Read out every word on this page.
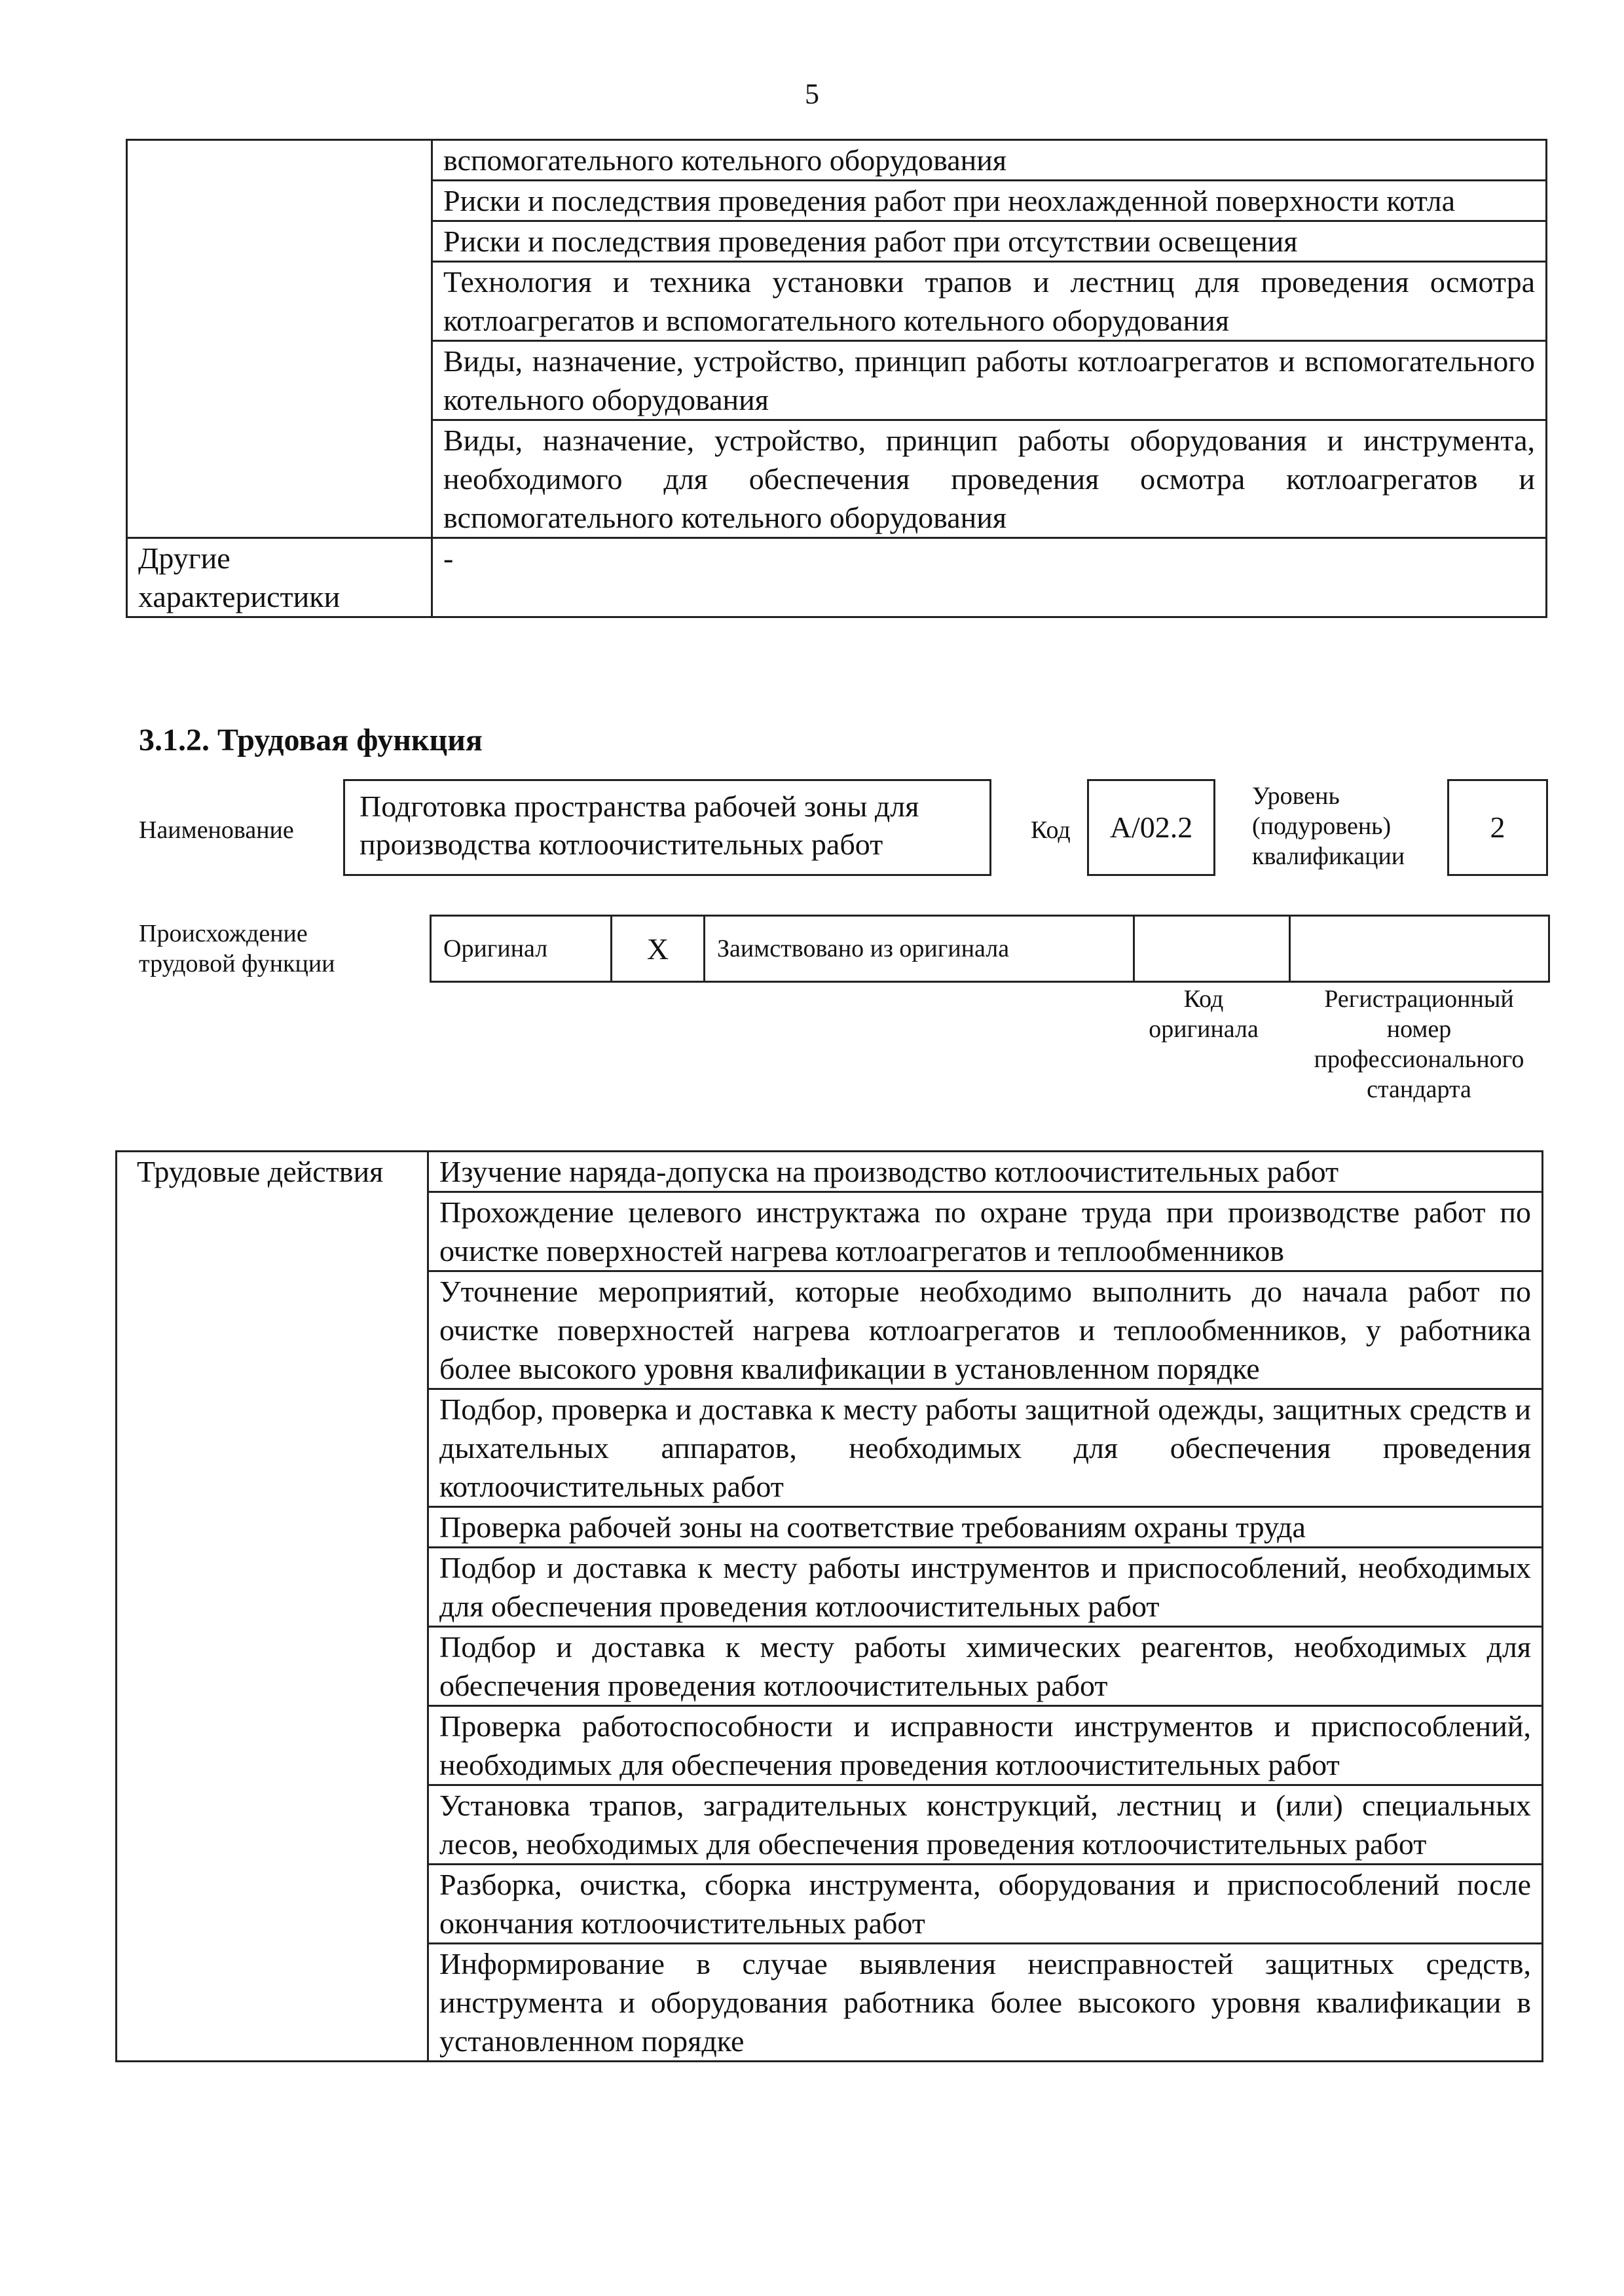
5
	вспомогательного котельного оборудования
	Риски и последствия проведения работ при неохлажденной поверхности котла
	Риски и последствия проведения работ при отсутствии освещения
	Технология и техника установки трапов и лестниц для проведения осмотра котлоагрегатов и вспомогательного котельного оборудования
	Виды, назначение, устройство, принцип работы котлоагрегатов и вспомогательного котельного оборудования
	Виды, назначение, устройство, принцип работы оборудования и инструмента, необходимого для обеспечения проведения осмотра котлоагрегатов и вспомогательного котельного оборудования
Другие характеристики	-
3.1.2. Трудовая функция
Наименование
Подготовка пространства рабочей зоны для производства котлоочистительных работ	Код	A/02.2
Уровень (подуровень) квалификации
2
Происхождение трудовой функции
Оригинал	X	Заимствовано из оригинала		
Код оригинала
Регистрационный номер профессионального стандарта
Трудовые действия	Изучение наряда-допуска на производство котлоочистительных работ
Прохождение целевого инструктажа по охране труда при производстве работ по очистке поверхностей нагрева котлоагрегатов и теплообменников
Уточнение мероприятий, которые необходимо выполнить до начала работ по очистке поверхностей нагрева котлоагрегатов и теплообменников, у работника более высокого уровня квалификации в установленном порядке
Подбор, проверка и доставка к месту работы защитной одежды, защитных средств и дыхательных аппаратов, необходимых для обеспечения проведения котлоочистительных работ
Проверка рабочей зоны на соответствие требованиям охраны труда
Подбор и доставка к месту работы инструментов и приспособлений, необходимых для обеспечения проведения котлоочистительных работ
Подбор и доставка к месту работы химических реагентов, необходимых для обеспечения проведения котлоочистительных работ
Проверка работоспособности и исправности инструментов и приспособлений, необходимых для обеспечения проведения котлоочистительных работ
Установка трапов, заградительных конструкций, лестниц и (или) специальных лесов, необходимых для обеспечения проведения котлоочистительных работ
Разборка, очистка, сборка инструмента, оборудования и приспособлений после окончания котлоочистительных работ
Информирование в случае выявления неисправностей защитных средств, инструмента и оборудования работника более высокого уровня квалификации в установленном порядке
